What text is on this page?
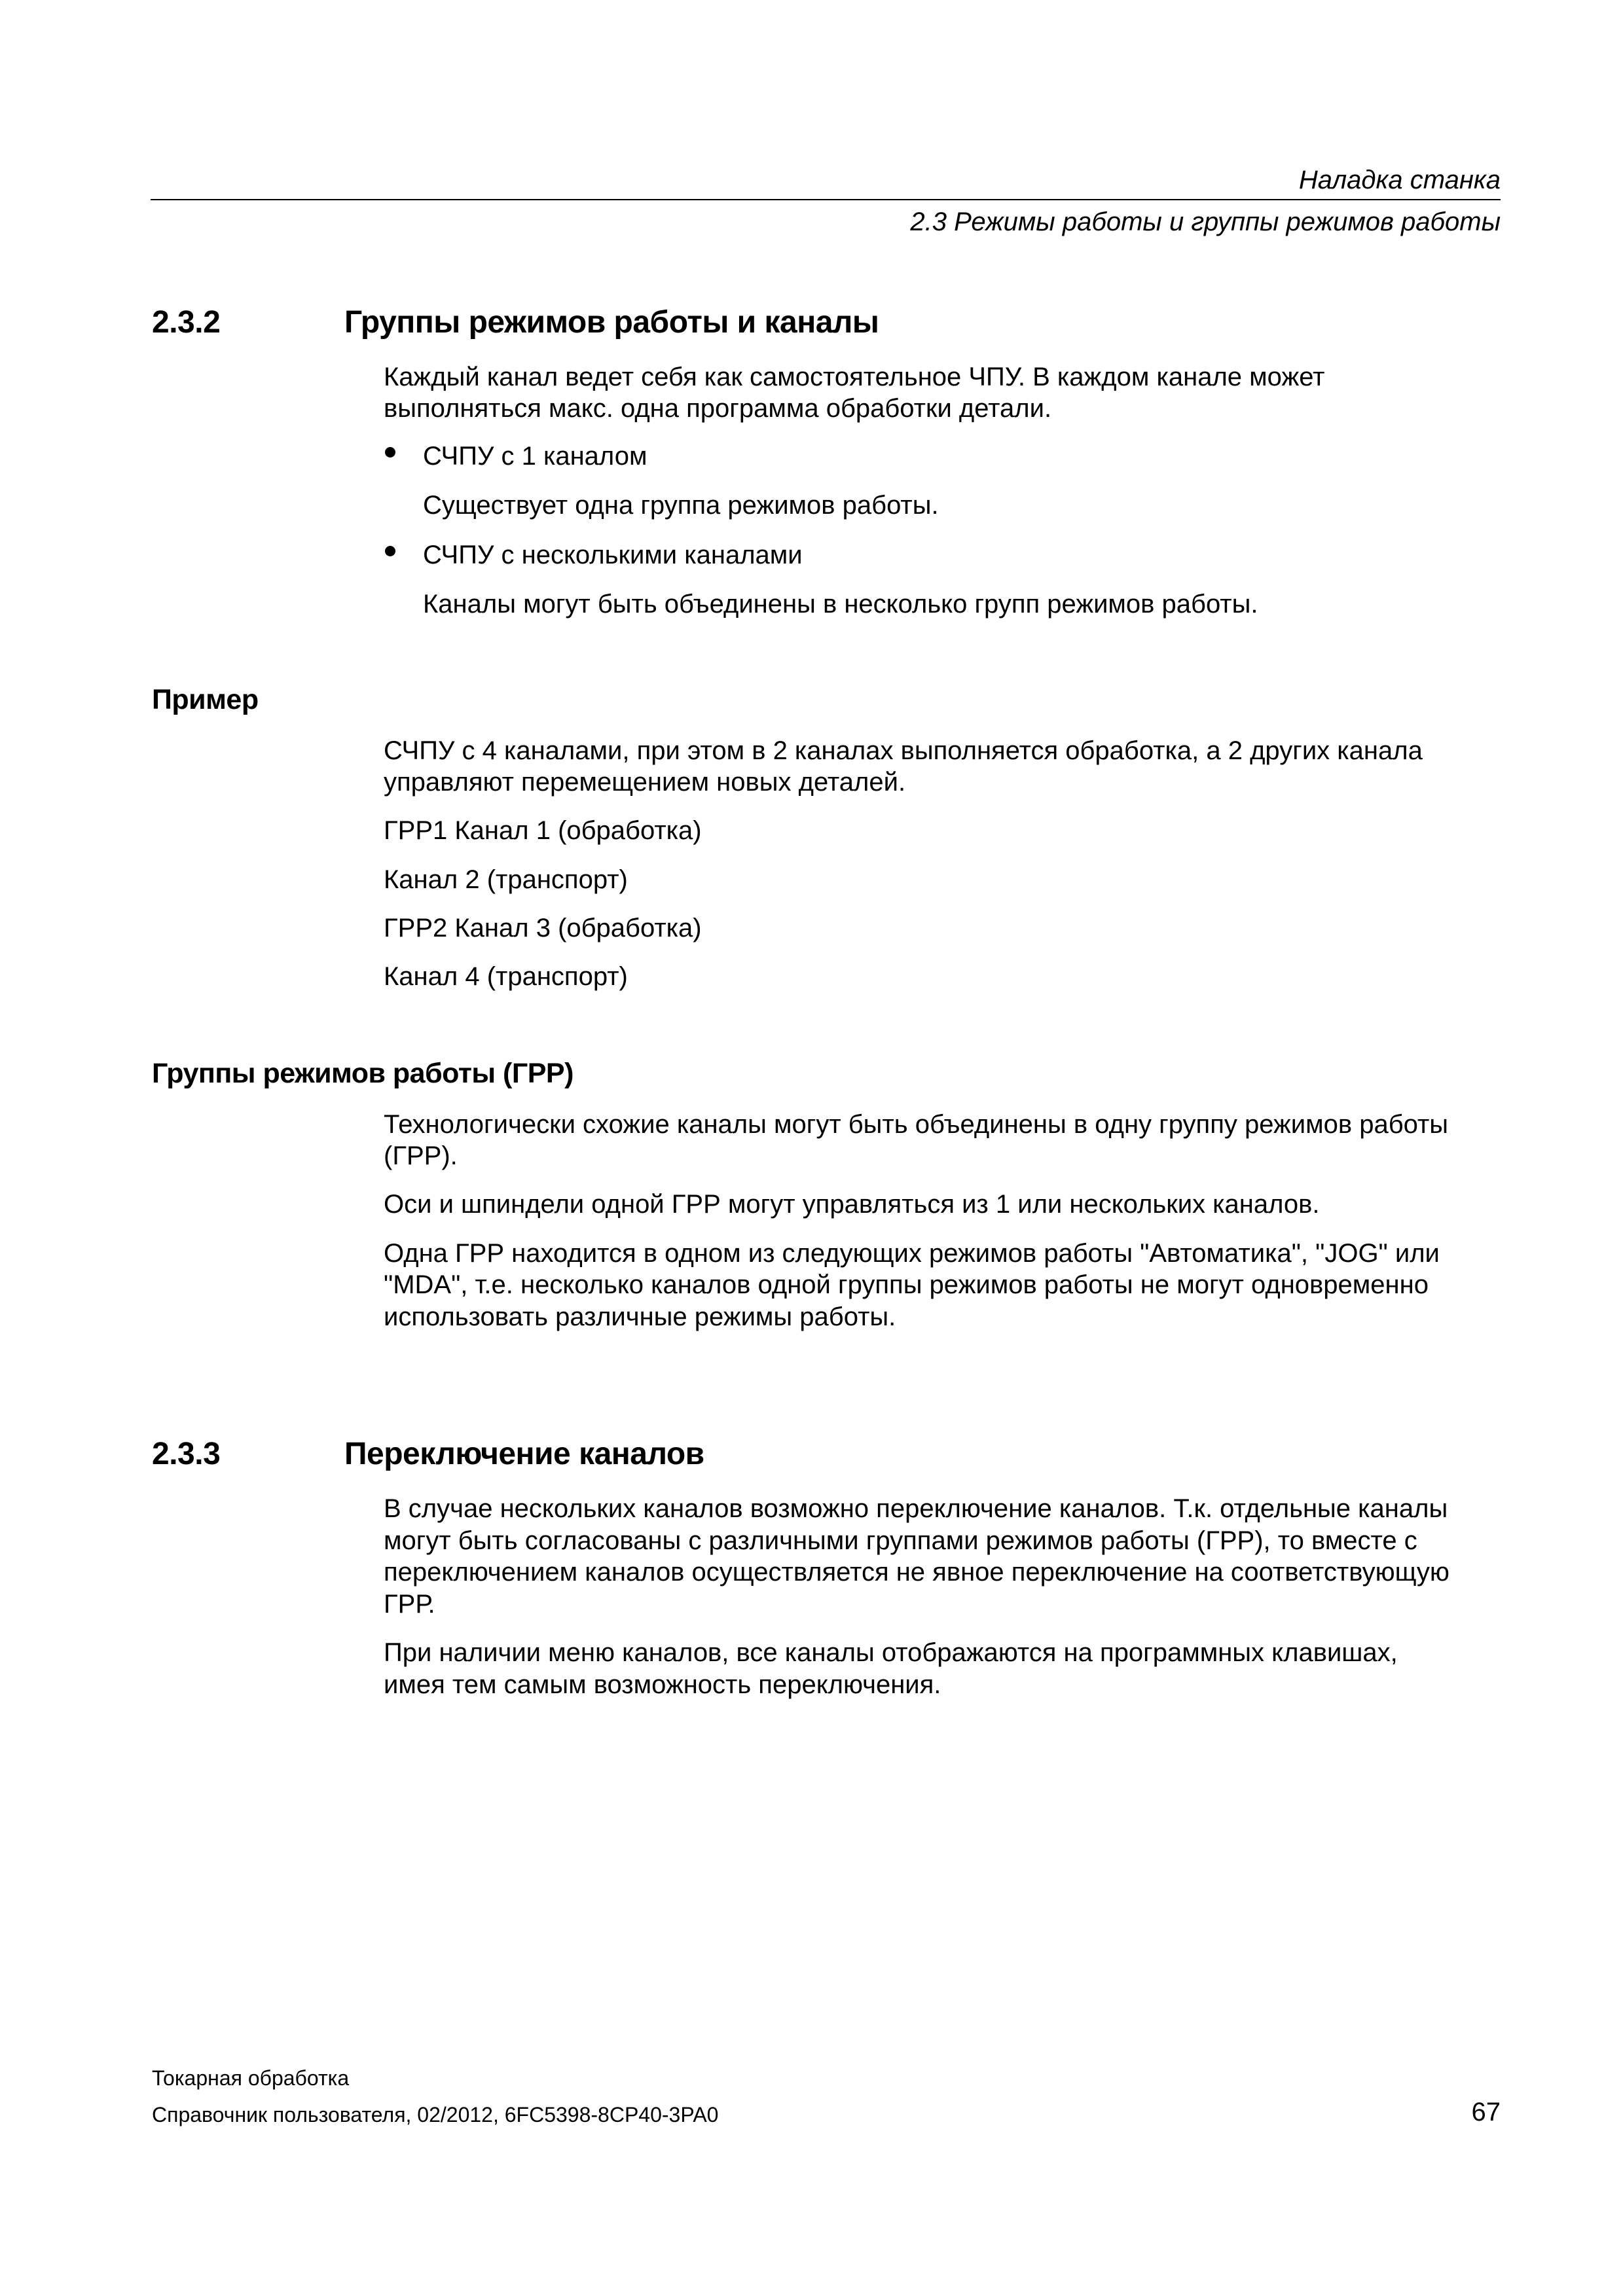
Наладка станка
2.3 Режимы работы и группы режимов работы
2.3.2	Группы режимов работы и каналы
Каждый канал ведет себя как самостоятельное ЧПУ. В каждом канале может
выполняться макс. одна программа обработки детали.
СЧПУ с 1 каналом
Существует одна группа режимов работы.
СЧПУ с несколькими каналами
Каналы могут быть объединены в несколько групп режимов работы.
Пример
СЧПУ с 4 каналами, при этом в 2 каналах выполняется обработка, а 2 других канала
управляют перемещением новых деталей.
ГРР1 Канал 1 (обработка)
Канал 2 (транспорт)
ГРР2 Канал 3 (обработка)
Канал 4 (транспорт)
Группы режимов работы (ГРР)
Технологически схожие каналы могут быть объединены в одну группу режимов работы
(ГРР).
Оси и шпиндели одной ГРР могут управляться из 1 или нескольких каналов.
Одна ГРР находится в одном из следующих режимов работы "Автоматика", "JOG" или
"MDA", т.е. несколько каналов одной группы режимов работы не могут одновременно
использовать различные режимы работы.
2.3.3	Переключение каналов
В случае нескольких каналов возможно переключение каналов. Т.к. отдельные каналы
могут быть согласованы с различными группами режимов работы (ГРР), то вместе с
переключением каналов осуществляется не явное переключение на соответствующую
ГРР.
При наличии меню каналов, все каналы отображаются на программных клавишах,
имея тем самым возможность переключения.
Токарная обработка
Справочник пользователя, 02/2012, 6FC5398-8CP40-3PA0	67
